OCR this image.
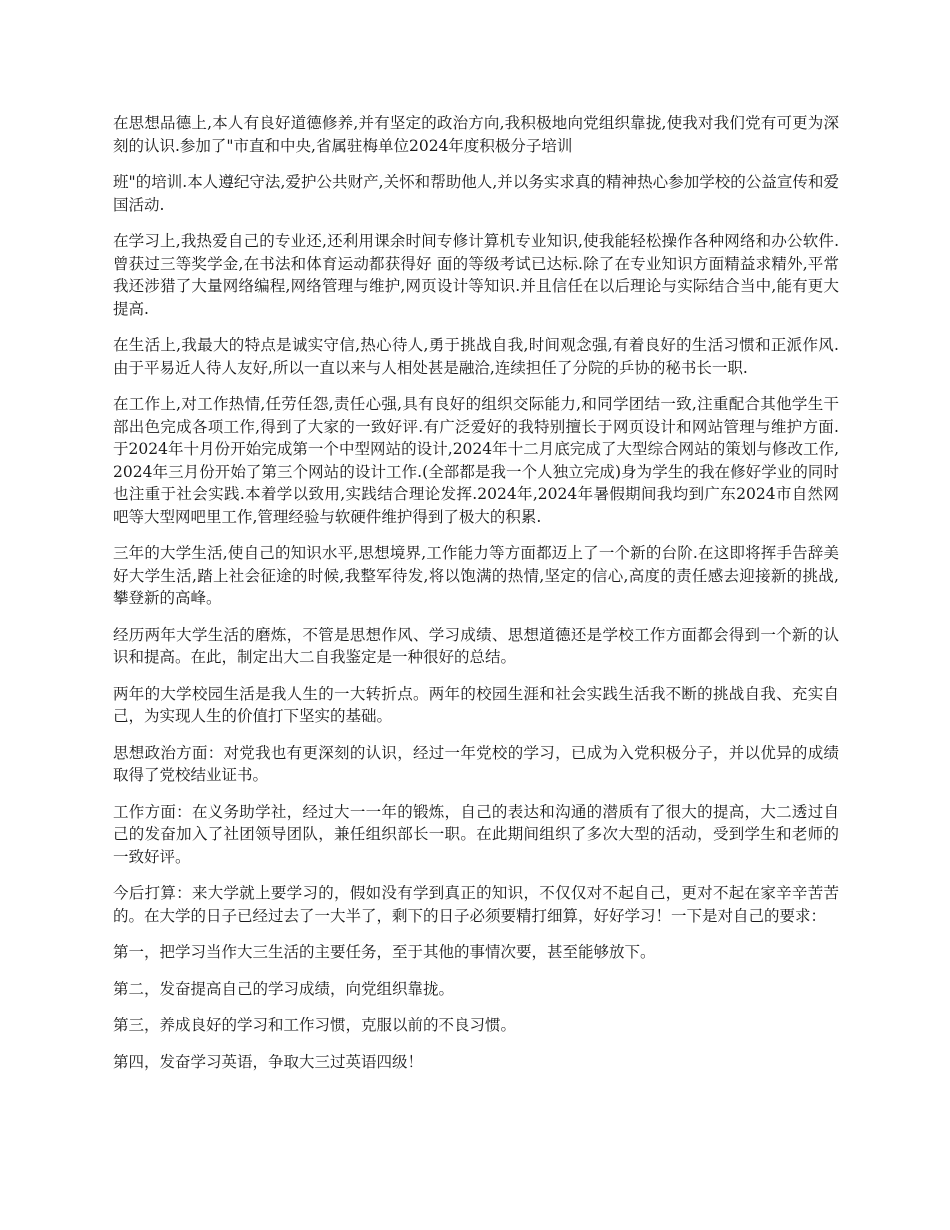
在思想品德上,本人有良好道德修养,并有坚定的政治方向,我积极地向党组织靠拢,使我对我们党有可更为深刻的认识.参加了"市直和中央,省属驻梅单位2024年度积极分子培训

班"的培训.本人遵纪守法,爱护公共财产,关怀和帮助他人,并以务实求真的精神热心参加学校的公益宣传和爱国活动.

在学习上,我热爱自己的专业还,还利用课余时间专修计算机专业知识,使我能轻松操作各种网络和办公软件.曾获过三等奖学金,在书法和体育运动都获得好 面的等级考试已达标.除了在专业知识方面精益求精外,平常我还涉猎了大量网络编程,网络管理与维护,网页设计等知识.并且信任在以后理论与实际结合当中,能有更大提高.

在生活上,我最大的特点是诚实守信,热心待人,勇于挑战自我,时间观念强,有着良好的生活习惯和正派作风.由于平易近人待人友好,所以一直以来与人相处甚是融洽,连续担任了分院的乒协的秘书长一职.

在工作上,对工作热情,任劳任怨,责任心强,具有良好的组织交际能力,和同学团结一致,注重配合其他学生干部出色完成各项工作,得到了大家的一致好评.有广泛爱好的我特别擅长于网页设计和网站管理与维护方面.于2024年十月份开始完成第一个中型网站的设计,2024年十二月底完成了大型综合网站的策划与修改工作,2024年三月份开始了第三个网站的设计工作.(全部都是我一个人独立完成)身为学生的我在修好学业的同时也注重于社会实践.本着学以致用,实践结合理论发挥.2024年,2024年暑假期间我均到广东2024市自然网吧等大型网吧里工作,管理经验与软硬件维护得到了极大的积累.

三年的大学生活,使自己的知识水平,思想境界,工作能力等方面都迈上了一个新的台阶.在这即将挥手告辞美好大学生活,踏上社会征途的时候,我整军待发,将以饱满的热情,坚定的信心,高度的责任感去迎接新的挑战,攀登新的高峰。

经历两年大学生活的磨炼，不管是思想作风、学习成绩、思想道德还是学校工作方面都会得到一个新的认识和提高。在此，制定出大二自我鉴定是一种很好的总结。

两年的大学校园生活是我人生的一大转折点。两年的校园生涯和社会实践生活我不断的挑战自我、充实自己，为实现人生的价值打下坚实的基础。

思想政治方面：对党我也有更深刻的认识，经过一年党校的学习，已成为入党积极分子，并以优异的成绩取得了党校结业证书。

工作方面：在义务助学社，经过大一一年的锻炼，自己的表达和沟通的潜质有了很大的提高，大二透过自己的发奋加入了社团领导团队，兼任组织部长一职。在此期间组织了多次大型的活动，受到学生和老师的一致好评。

今后打算：来大学就上要学习的，假如没有学到真正的知识，不仅仅对不起自己，更对不起在家辛辛苦苦的。在大学的日子已经过去了一大半了，剩下的日子必须要精打细算，好好学习！一下是对自己的要求：

第一，把学习当作大三生活的主要任务，至于其他的事情次要，甚至能够放下。

第二，发奋提高自己的学习成绩，向党组织靠拢。

第三，养成良好的学习和工作习惯，克服以前的不良习惯。

第四，发奋学习英语，争取大三过英语四级！
